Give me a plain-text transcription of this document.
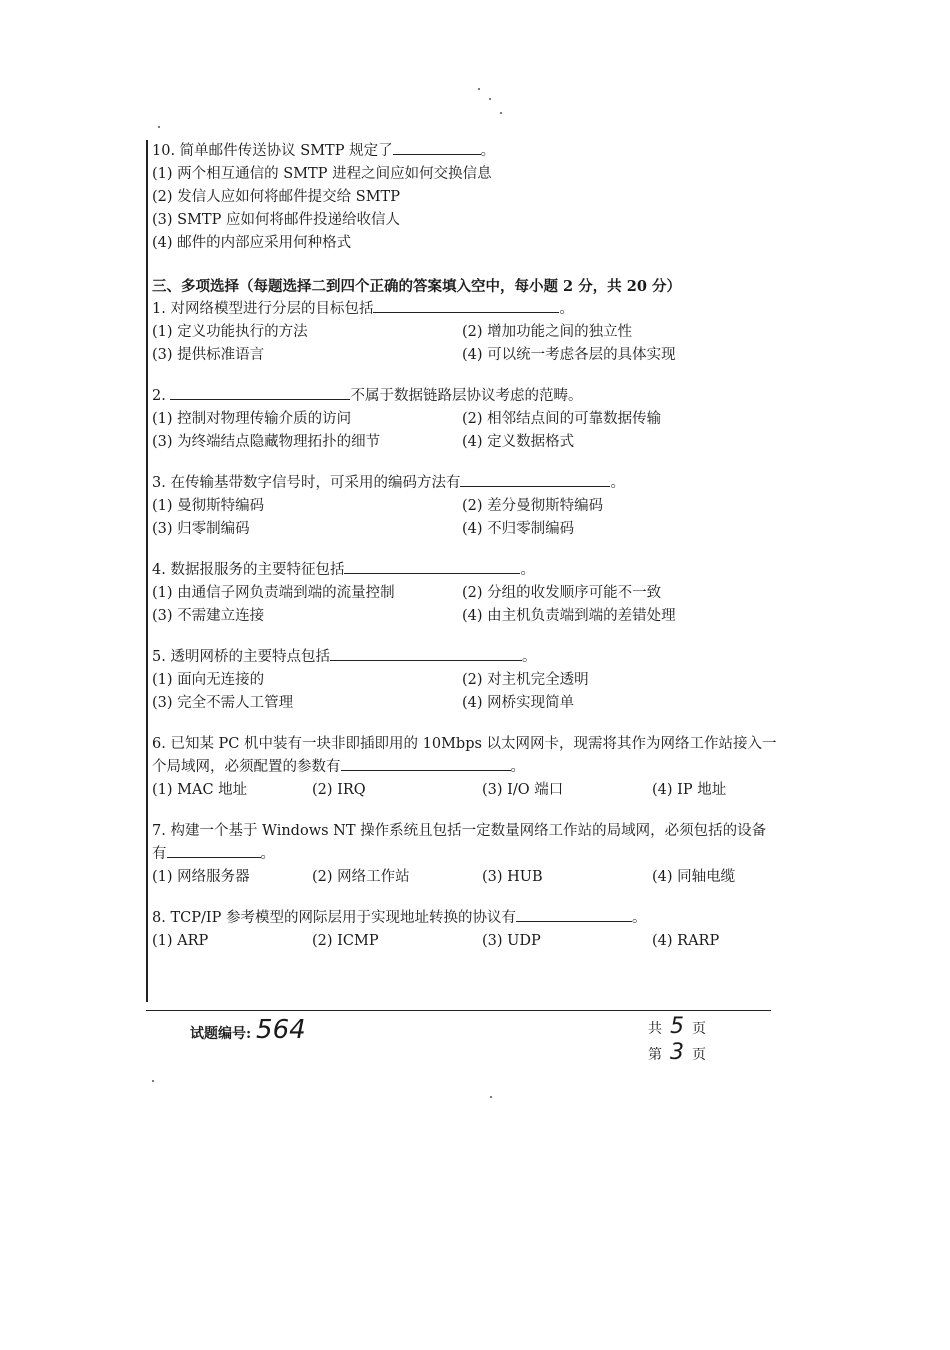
10. 简单邮件传送协议 SMTP 规定了	。
(1) 两个相互通信的 SMTP 进程之间应如何交换信息
(2) 发信人应如何将邮件提交给 SMTP
(3) SMTP 应如何将邮件投递给收信人
(4) 邮件的内部应采用何种格式
三、多项选择（每题选择二到四个正确的答案填入空中，每小题 2 分，共 20 分）
1. 对网络模型进行分层的目标包括	。
(1) 定义功能执行的方法	(2) 增加功能之间的独立性
(3) 提供标准语言	(4) 可以统一考虑各层的具体实现
2.	不属于数据链路层协议考虑的范畴。
(1) 控制对物理传输介质的访问	(2) 相邻结点间的可靠数据传输
(3) 为终端结点隐藏物理拓扑的细节	(4) 定义数据格式
3. 在传输基带数字信号时，可采用的编码方法有	。
(1) 曼彻斯特编码	(2) 差分曼彻斯特编码
(3) 归零制编码	(4) 不归零制编码
4. 数据报服务的主要特征包括	。
(1) 由通信子网负责端到端的流量控制	(2) 分组的收发顺序可能不一致
(3) 不需建立连接	(4) 由主机负责端到端的差错处理
5. 透明网桥的主要特点包括	。
(1) 面向无连接的	(2) 对主机完全透明
(3) 完全不需人工管理	(4) 网桥实现简单
6. 已知某 PC 机中装有一块非即插即用的 10Mbps 以太网网卡，现需将其作为网络工作站接入一个局域网，必须配置的参数有	。
(1) MAC 地址	(2) IRQ	(3) I/O 端口	(4) IP 地址
7. 构建一个基于 Windows NT 操作系统且包括一定数量网络工作站的局域网，必须包括的设备有	。
(1) 网络服务器	(2) 网络工作站	(3) HUB	(4) 同轴电缆
8. TCP/IP 参考模型的网际层用于实现地址转换的协议有	。
(1) ARP	(2) ICMP	(3) UDP	(4) RARP
试题编号: 564	共 5 页
第 3 页
